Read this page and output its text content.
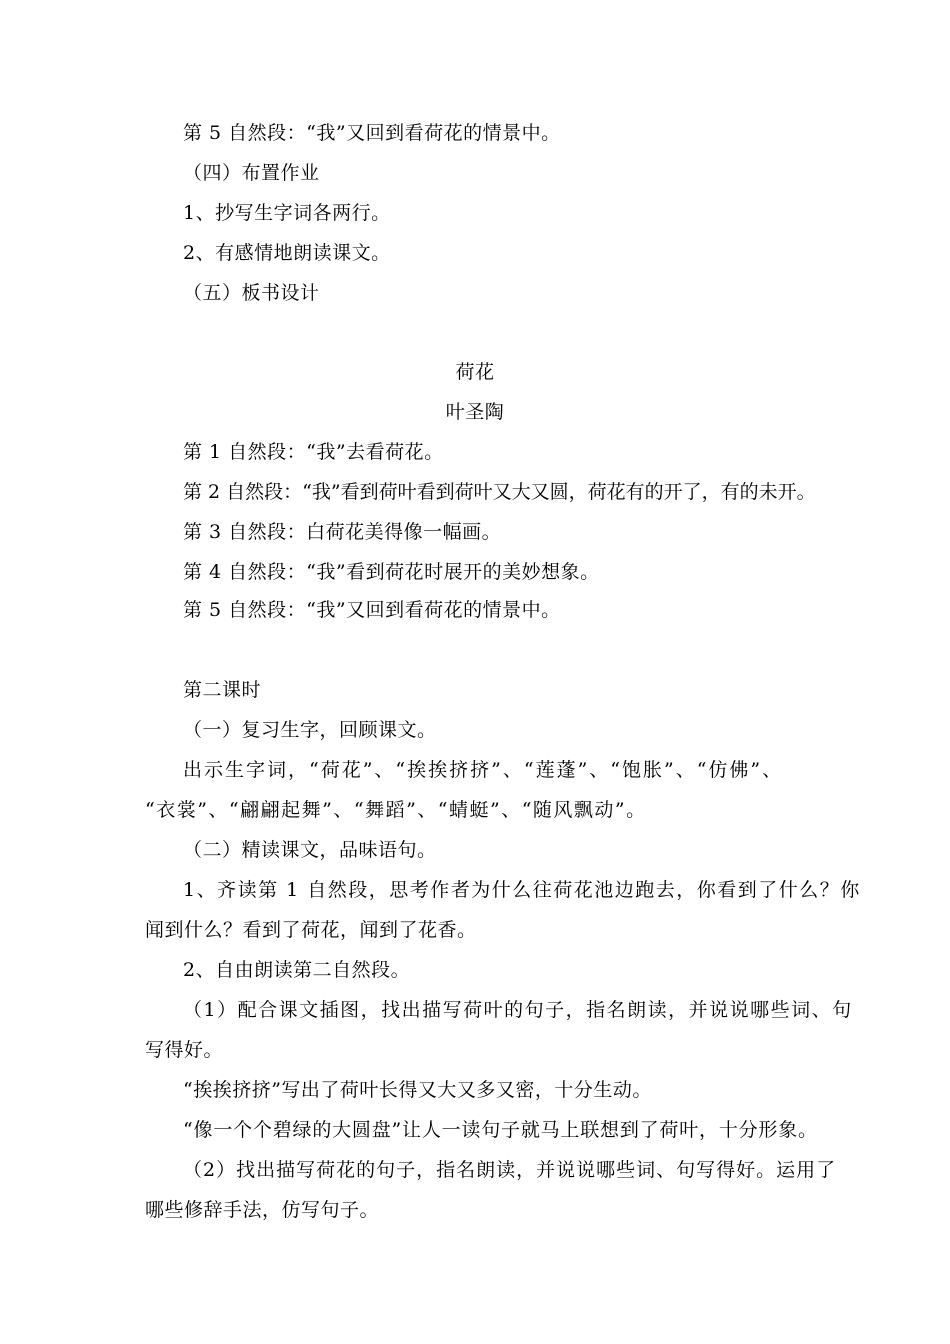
第 5 自然段：“我”又回到看荷花的情景中。
（四）布置作业
1、抄写生字词各两行。
2、有感情地朗读课文。
（五）板书设计
荷花
叶圣陶
第 1 自然段：“我”去看荷花。
第 2 自然段：“我”看到荷叶看到荷叶又大又圆，荷花有的开了，有的未开。
第 3 自然段：白荷花美得像一幅画。
第 4 自然段：“我”看到荷花时展开的美妙想象。
第 5 自然段：“我”又回到看荷花的情景中。
第二课时
（一）复习生字，回顾课文。
出示生字词，“荷花”、“挨挨挤挤”、“莲蓬”、“饱胀”、“仿佛”、
“衣裳”、“翩翩起舞”、“舞蹈”、“蜻蜓”、“随风飘动”。
（二）精读课文，品味语句。
1、齐读第 1 自然段，思考作者为什么往荷花池边跑去，你看到了什么？你
闻到什么？看到了荷花，闻到了花香。
2、自由朗读第二自然段。
（1）配合课文插图，找出描写荷叶的句子，指名朗读，并说说哪些词、句
写得好。
“挨挨挤挤”写出了荷叶长得又大又多又密，十分生动。
“像一个个碧绿的大圆盘”让人一读句子就马上联想到了荷叶，十分形象。
（2）找出描写荷花的句子，指名朗读，并说说哪些词、句写得好。运用了
哪些修辞手法，仿写句子。
